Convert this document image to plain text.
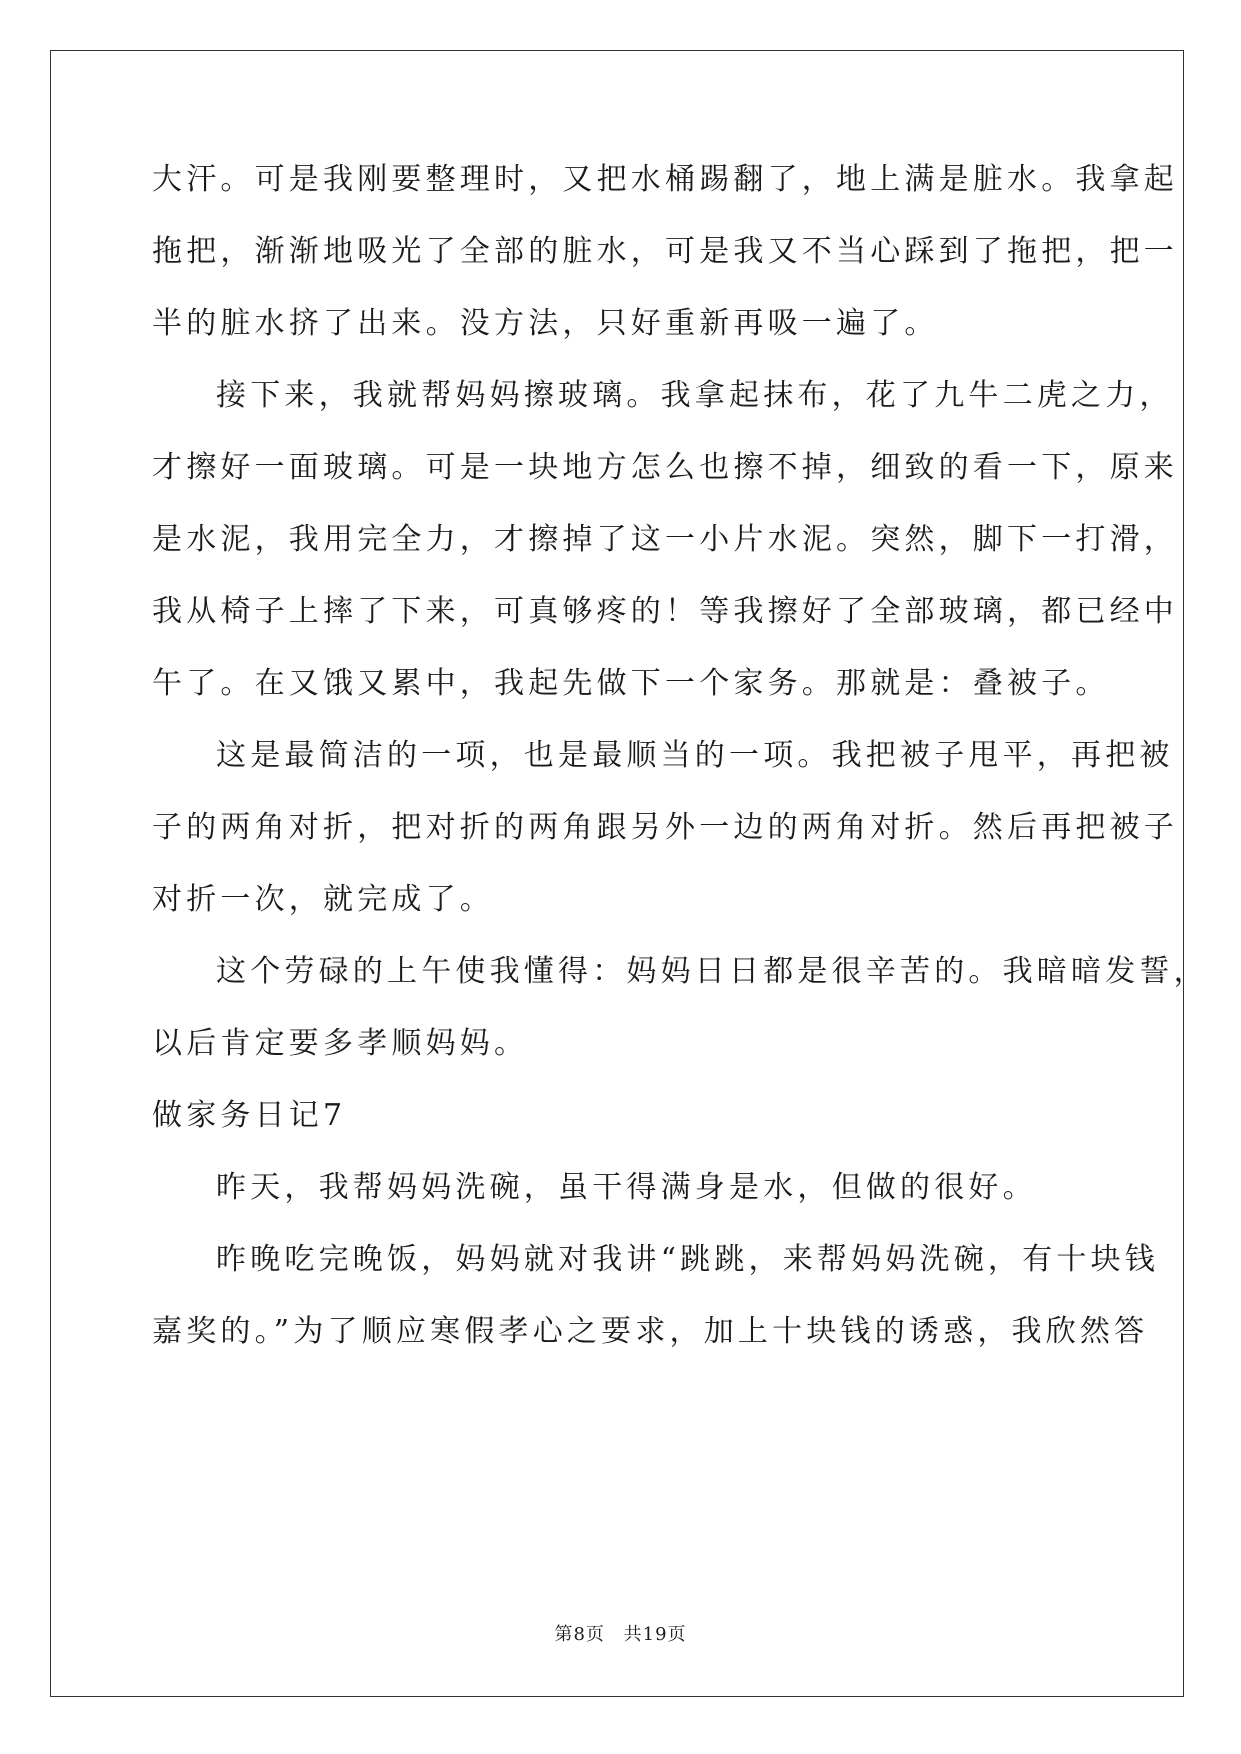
大汗。可是我刚要整理时，又把水桶踢翻了，地上满是脏水。我拿起
拖把，渐渐地吸光了全部的脏水，可是我又不当心踩到了拖把，把一
半的脏水挤了出来。没方法，只好重新再吸一遍了。
接下来，我就帮妈妈擦玻璃。我拿起抹布，花了九牛二虎之力，
才擦好一面玻璃。可是一块地方怎么也擦不掉，细致的看一下，原来
是水泥，我用完全力，才擦掉了这一小片水泥。突然，脚下一打滑，
我从椅子上摔了下来，可真够疼的！等我擦好了全部玻璃，都已经中
午了。在又饿又累中，我起先做下一个家务。那就是：叠被子。
这是最简洁的一项，也是最顺当的一项。我把被子甩平，再把被
子的两角对折，把对折的两角跟另外一边的两角对折。然后再把被子
对折一次，就完成了。
这个劳碌的上午使我懂得：妈妈日日都是很辛苦的。我暗暗发誓，
以后肯定要多孝顺妈妈。
做家务日记7
昨天，我帮妈妈洗碗，虽干得满身是水，但做的很好。
昨晚吃完晚饭，妈妈就对我讲“跳跳，来帮妈妈洗碗，有十块钱
嘉奖的。”为了顺应寒假孝心之要求，加上十块钱的诱惑，我欣然答
第8页 共19页
